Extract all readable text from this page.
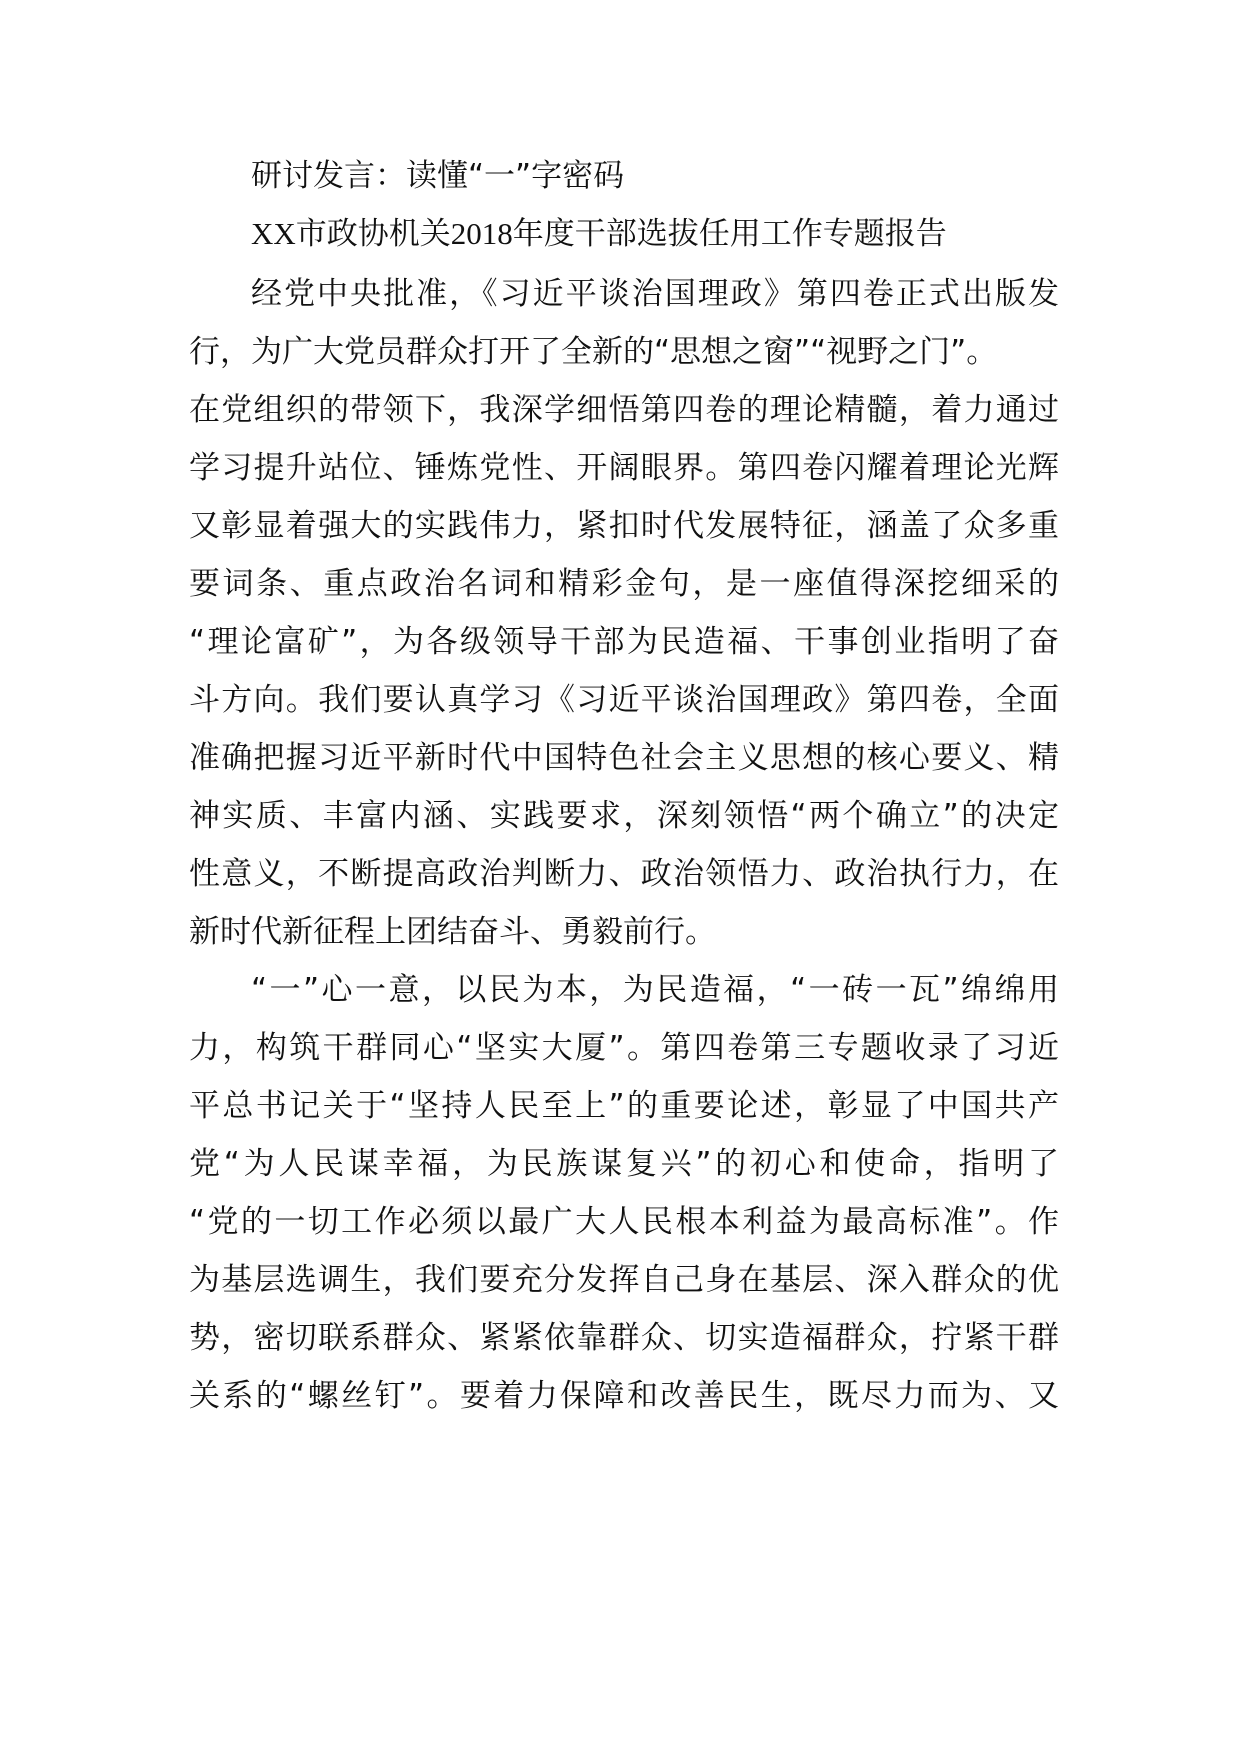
研讨发言：读懂“一”字密码
XX市政协机关2018年度干部选拔任用工作专题报告
经党中央批准，《习近平谈治国理政》第四卷正式出版发
行，为广大党员群众打开了全新的“思想之窗”“视野之门”。
在党组织的带领下，我深学细悟第四卷的理论精髓，着力通过
学习提升站位、锤炼党性、开阔眼界。第四卷闪耀着理论光辉
又彰显着强大的实践伟力，紧扣时代发展特征，涵盖了众多重
要词条、重点政治名词和精彩金句，是一座值得深挖细采的
“理论富矿”，为各级领导干部为民造福、干事创业指明了奋
斗方向。我们要认真学习《习近平谈治国理政》第四卷，全面
准确把握习近平新时代中国特色社会主义思想的核心要义、精
神实质、丰富内涵、实践要求，深刻领悟“两个确立”的决定
性意义，不断提高政治判断力、政治领悟力、政治执行力，在
新时代新征程上团结奋斗、勇毅前行。
“一”心一意，以民为本，为民造福，“一砖一瓦”绵绵用
力，构筑干群同心“坚实大厦”。第四卷第三专题收录了习近
平总书记关于“坚持人民至上”的重要论述，彰显了中国共产
党“为人民谋幸福，为民族谋复兴”的初心和使命，指明了
“党的一切工作必须以最广大人民根本利益为最高标准”。作
为基层选调生，我们要充分发挥自己身在基层、深入群众的优
势，密切联系群众、紧紧依靠群众、切实造福群众，拧紧干群
关系的“螺丝钉”。要着力保障和改善民生，既尽力而为、又
